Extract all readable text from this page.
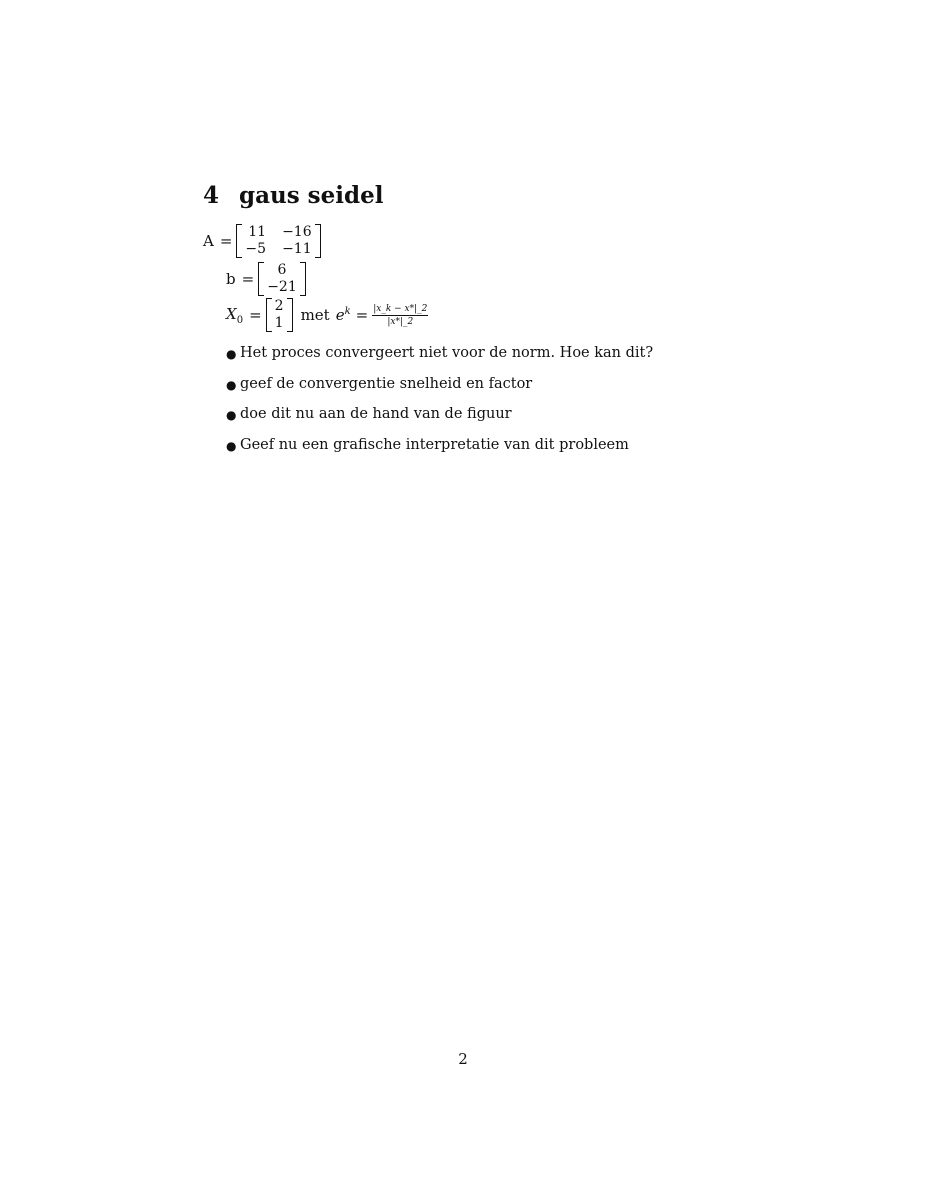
4 gaus seidel
A = 11 −16
−5 −11
b =	6
−21
$X_0 = 2$
1 met $e^k = \frac{|x\_k - x*|\_2}{|x*|\_2}$
● Het proces convergeert niet voor de norm. Hoe kan dit?
● geef de convergentie snelheid en factor
● doe dit nu aan de hand van de figuur
● Geef nu een grafische interpretatie van dit probleem
2
